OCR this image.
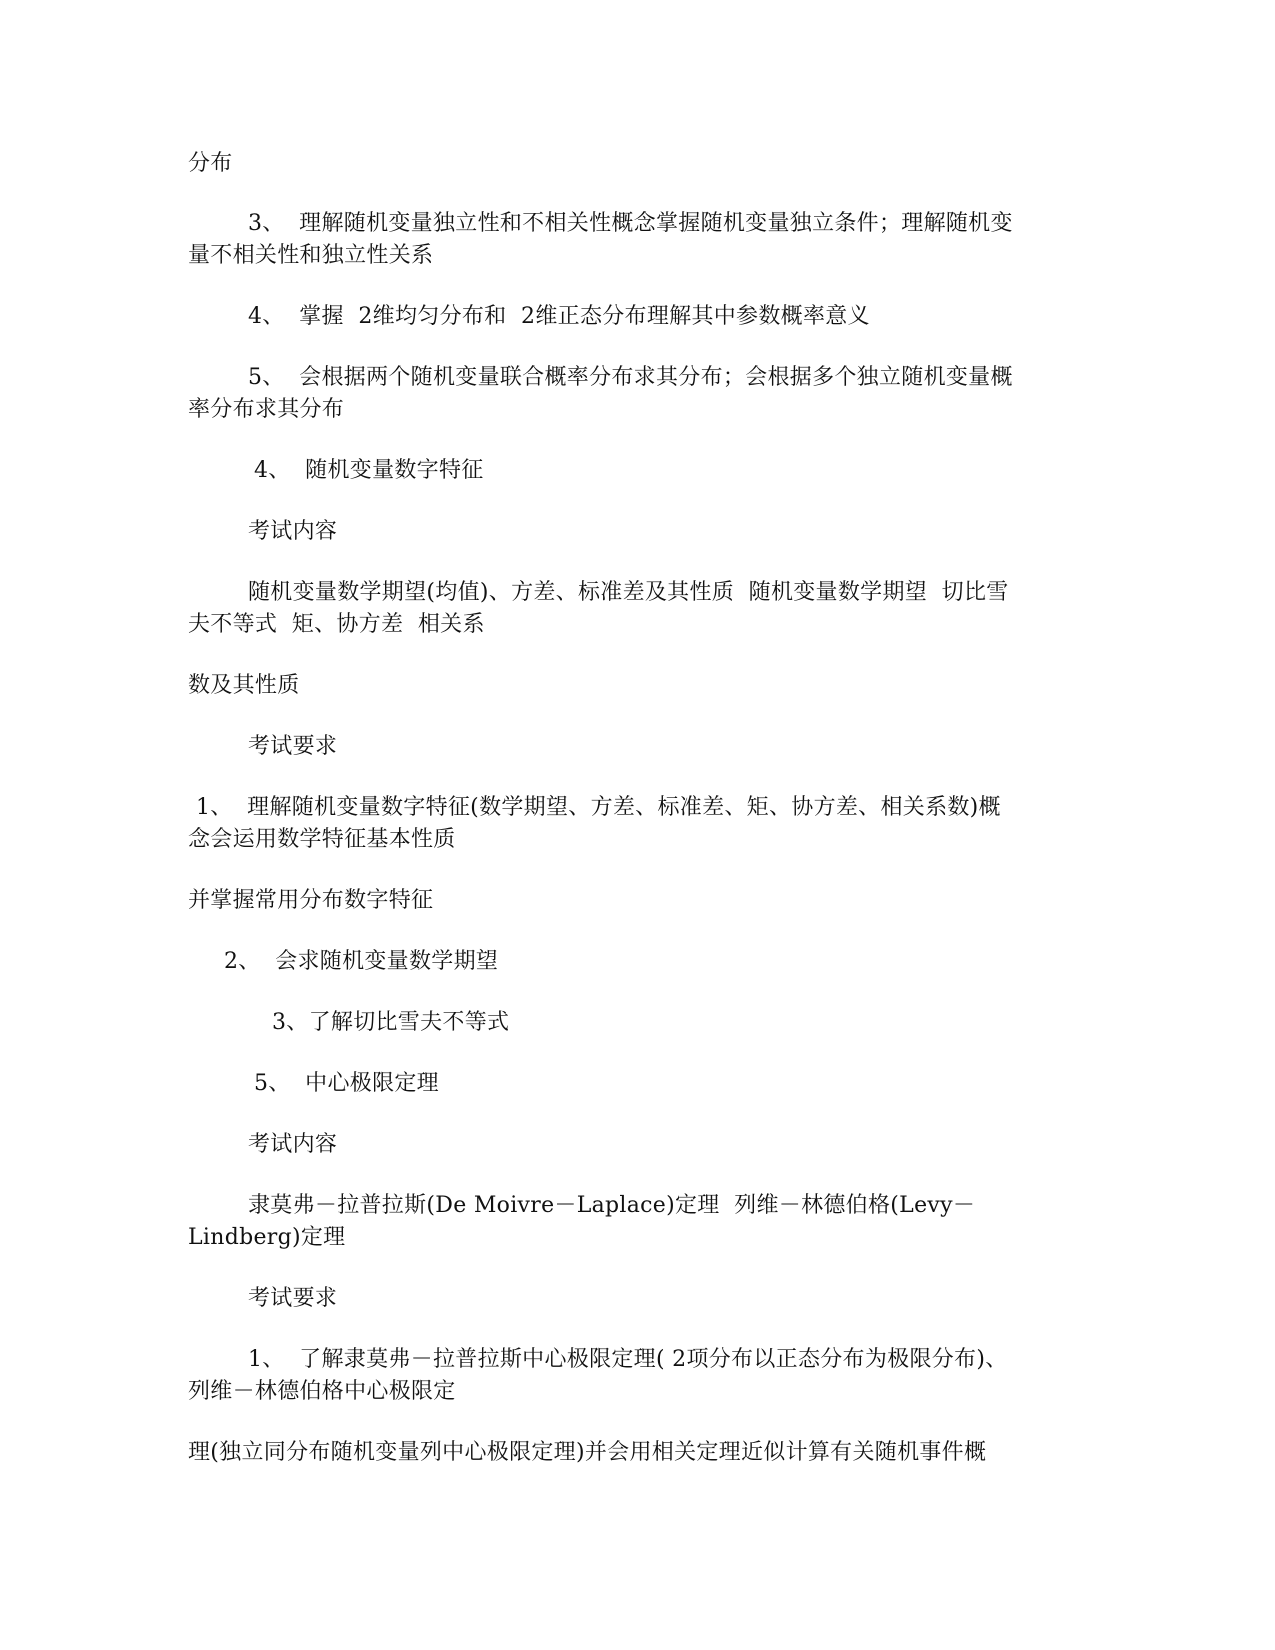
分布
3、  理解随机变量独立性和不相关性概念掌握随机变量独立条件；理解随机变
量不相关性和独立性关系
4、  掌握  2维均匀分布和  2维正态分布理解其中参数概率意义
5、  会根据两个随机变量联合概率分布求其分布；会根据多个独立随机变量概
率分布求其分布
4、  随机变量数字特征
考试内容
随机变量数学期望(均值)、方差、标准差及其性质  随机变量数学期望  切比雪
夫不等式  矩、协方差  相关系
数及其性质
考试要求
1、  理解随机变量数字特征(数学期望、方差、标准差、矩、协方差、相关系数)概
念会运用数学特征基本性质
并掌握常用分布数字特征
2、  会求随机变量数学期望
3、了解切比雪夫不等式
5、  中心极限定理
考试内容
隶莫弗－拉普拉斯(De Moivre－Laplace)定理  列维－林德伯格(Levy－
Lindberg)定理
考试要求
1、  了解隶莫弗－拉普拉斯中心极限定理( 2项分布以正态分布为极限分布)、
列维－林德伯格中心极限定
理(独立同分布随机变量列中心极限定理)并会用相关定理近似计算有关随机事件概
